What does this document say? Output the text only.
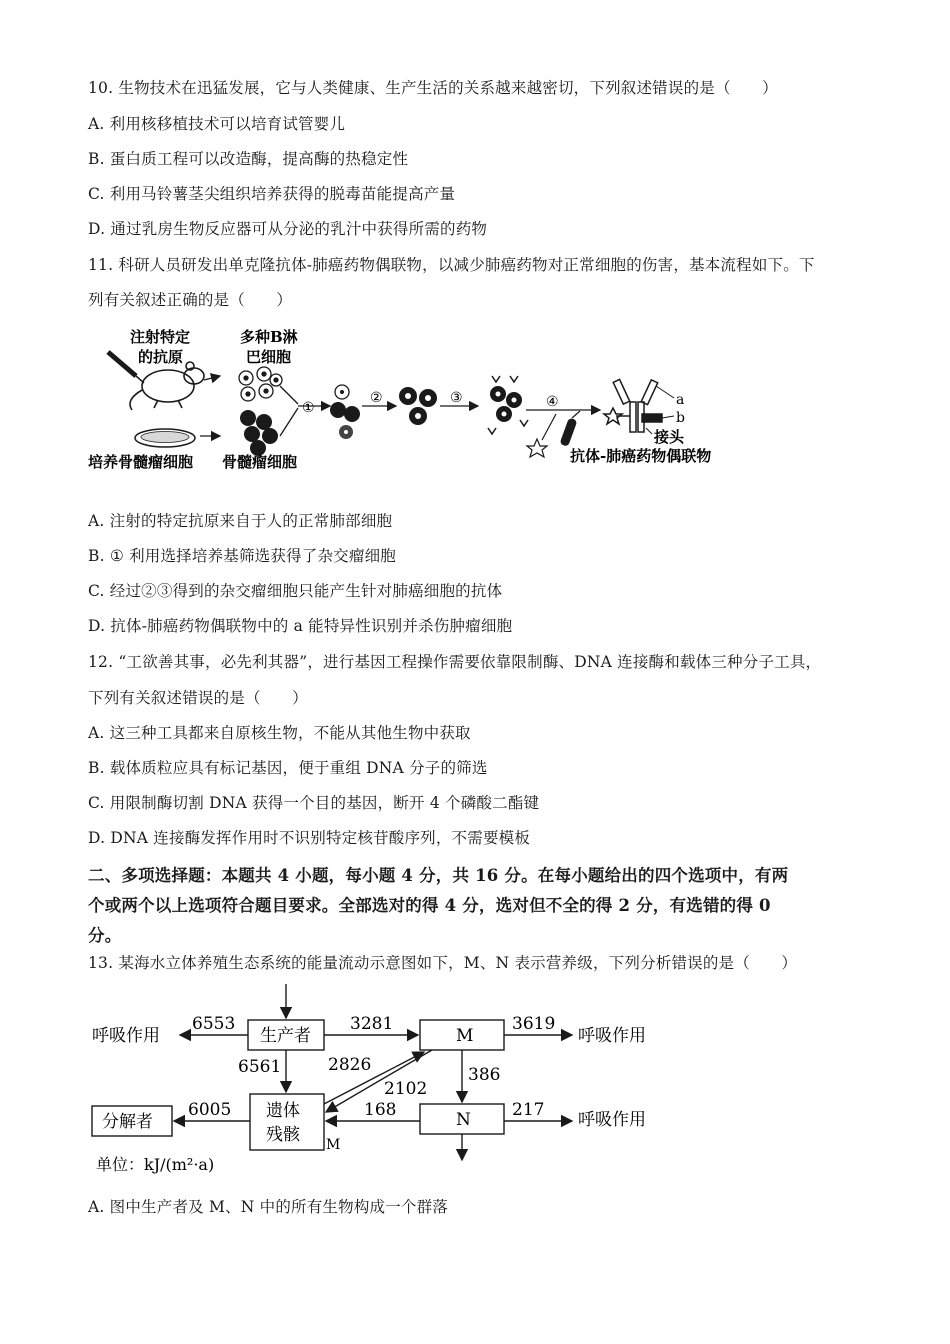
10. 生物技术在迅猛发展，它与人类健康、生产生活的关系越来越密切，下列叙述错误的是（　　）
A. 利用核移植技术可以培育试管婴儿
B. 蛋白质工程可以改造酶，提高酶的热稳定性
C. 利用马铃薯茎尖组织培养获得的脱毒苗能提高产量
D. 通过乳房生物反应器可从分泌的乳汁中获得所需的药物
11. 科研人员研发出单克隆抗体-肺癌药物偶联物，以减少肺癌药物对正常细胞的伤害，基本流程如下。下
列有关叙述正确的是（　　）
注射特定
的抗原
多种B淋
巴细胞
培养骨髓瘤细胞 骨髓瘤细胞
①
②	③	④	a
b
接头
抗体-肺癌药物偶联物
A. 注射的特定抗原来自于人的正常肺部细胞
B. ① 利用选择培养基筛选获得了杂交瘤细胞
C. 经过②③得到的杂交瘤细胞只能产生针对肺癌细胞的抗体
D. 抗体-肺癌药物偶联物中的 a 能特异性识别并杀伤肿瘤细胞
12. “工欲善其事，必先利其器”，进行基因工程操作需要依靠限制酶、DNA 连接酶和载体三种分子工具，
下列有关叙述错误的是（　　）
A. 这三种工具都来自原核生物，不能从其他生物中获取
B. 载体质粒应具有标记基因，便于重组 DNA 分子的筛选
C. 用限制酶切割 DNA 获得一个目的基因，断开 4 个磷酸二酯键
D. DNA 连接酶发挥作用时不识别特定核苷酸序列，不需要模板
二、多项选择题：本题共 4 小题，每小题 4 分，共 16 分。在每小题给出的四个选项中，有两
个或两个以上选项符合题目要求。全部选对的得 4 分，选对但不全的得 2 分，有选错的得 0
分。
13. 某海水立体养殖生态系统的能量流动示意图如下，M、N 表示营养级，下列分析错误的是（　　）
生产者	M
N
遗体
残骸 M
分解者
呼吸作用	呼吸作用
呼吸作用
6553	3281	3619
6561	2826
2102
386
6005	168	217
单位：kJ/(m²·a)
A. 图中生产者及 M、N 中的所有生物构成一个群落
